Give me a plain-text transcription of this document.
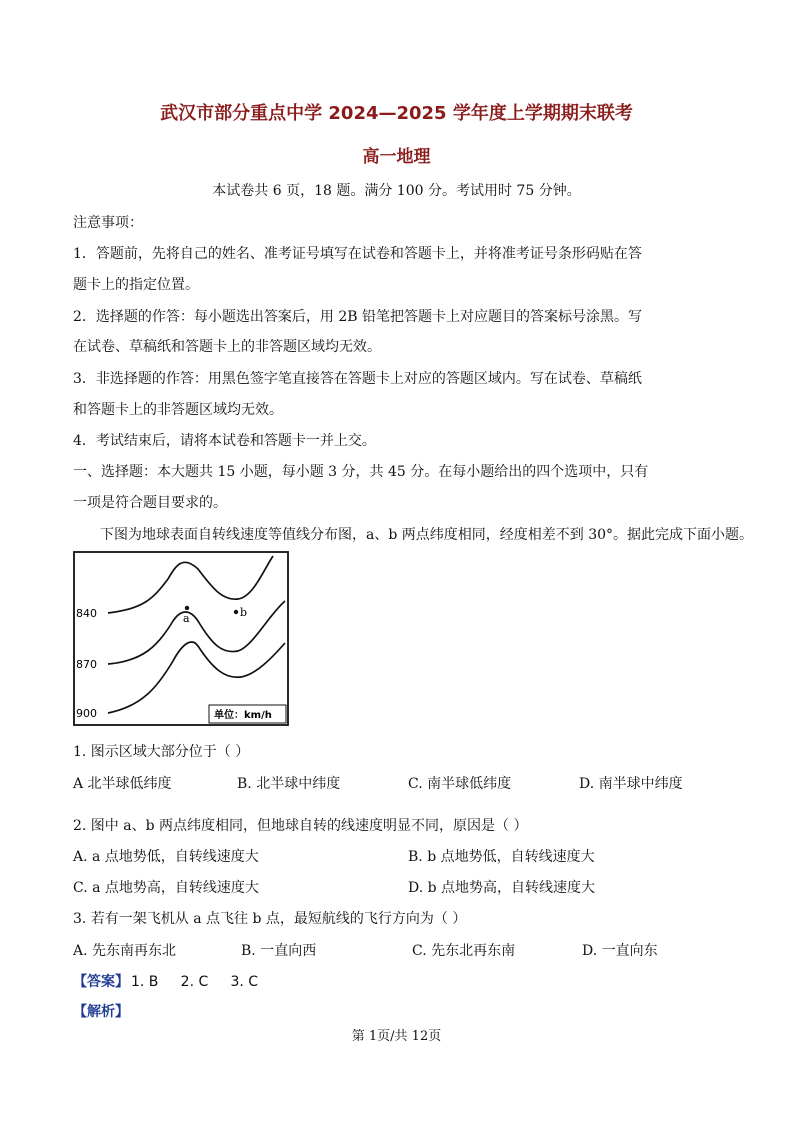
武汉市部分重点中学 2024—2025 学年度上学期期末联考
高一地理
本试卷共 6 页，18 题。满分 100 分。考试用时 75 分钟。
注意事项：
1．答题前，先将自己的姓名、准考证号填写在试卷和答题卡上，并将准考证号条形码贴在答
题卡上的指定位置。
2．选择题的作答：每小题选出答案后，用 2B 铅笔把答题卡上对应题目的答案标号涂黑。写
在试卷、草稿纸和答题卡上的非答题区域均无效。
3．非选择题的作答：用黑色签字笔直接答在答题卡上对应的答题区域内。写在试卷、草稿纸
和答题卡上的非答题区域均无效。
4．考试结束后，请将本试卷和答题卡一并上交。
一、选择题：本大题共 15 小题，每小题 3 分，共 45 分。在每小题给出的四个选项中，只有
一项是符合题目要求的。
下图为地球表面自转线速度等值线分布图，a、b 两点纬度相同，经度相差不到 30°。据此完成下面小题。
840
870
900
a	b
单位：km/h
1. 图示区域大部分位于（ ）
A 北半球低纬度	B. 北半球中纬度	C. 南半球低纬度	D. 南半球中纬度
2. 图中 a、b 两点纬度相同，但地球自转的线速度明显不同，原因是（ ）
A. a 点地势低，自转线速度大	B. b 点地势低，自转线速度大
C. a 点地势高，自转线速度大	D. b 点地势高，自转线速度大
3. 若有一架飞机从 a 点飞往 b 点，最短航线的飞行方向为（ ）
A. 先东南再东北	B. 一直向西	C. 先东北再东南	D. 一直向东
【答案】 1. B     2. C     3. C
【解析】
第 1页/共 12页
